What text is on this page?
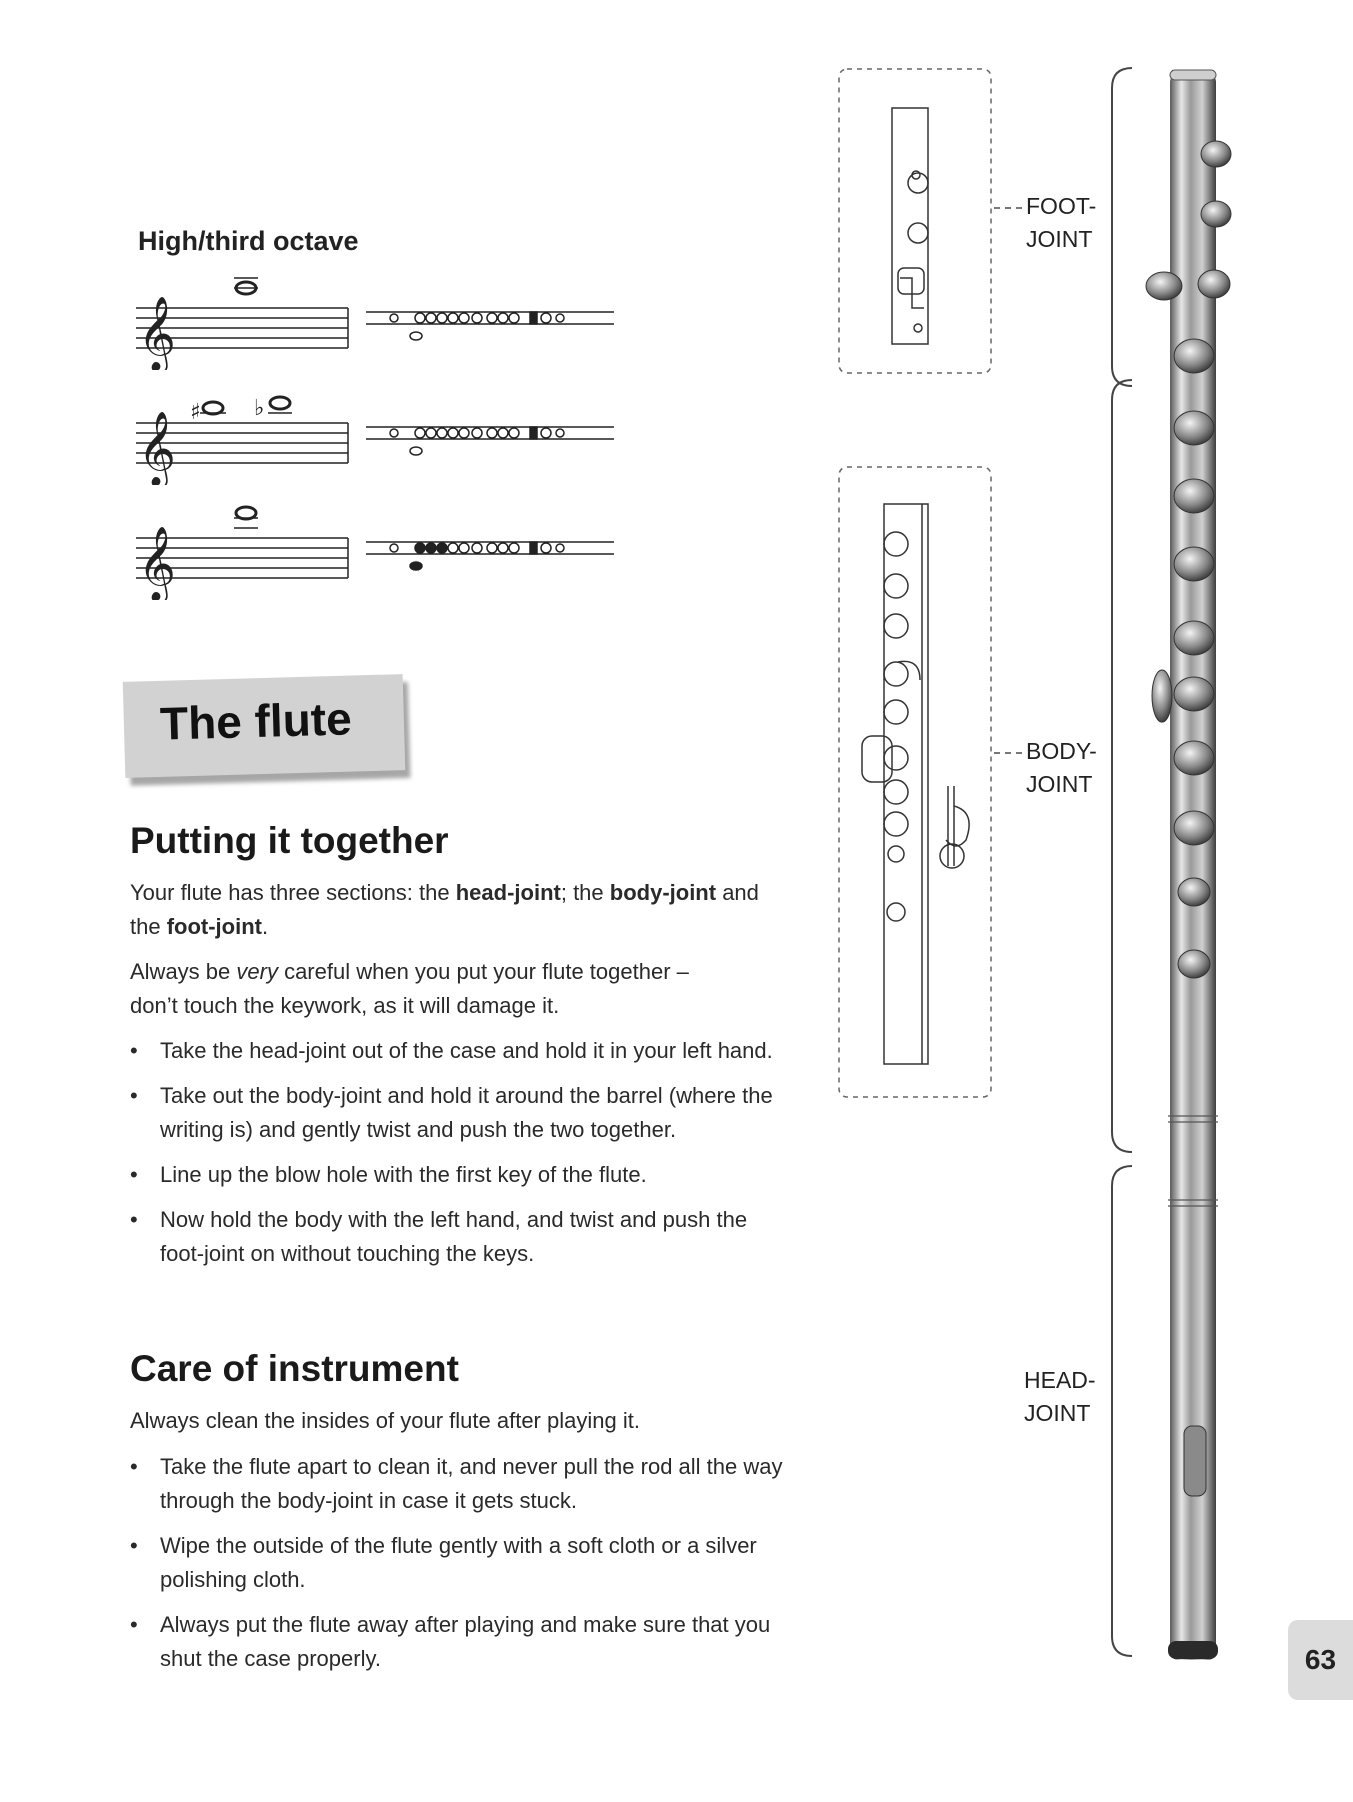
High/third octave
𝄞
𝄞 ♯ ♭
𝄞
The flute
Putting it together

Your flute has three sections: the head-joint; the body-joint and the foot-joint.

Always be very careful when you put your flute together – don’t touch the keywork, as it will damage it.

• Take the head-joint out of the case and hold it in your left hand.
• Take out the body-joint and hold it around the barrel (where the writing is) and gently twist and push the two together.
• Line up the blow hole with the first key of the flute.
• Now hold the body with the left hand, and twist and push the foot-joint on without touching the keys.
Care of instrument

Always clean the insides of your flute after playing it.

• Take the flute apart to clean it, and never pull the rod all the way through the body-joint in case it gets stuck.
• Wipe the outside of the flute gently with a soft cloth or a silver polishing cloth.
• Always put the flute away after playing and make sure that you shut the case properly.
FOOT-
JOINT
BODY-
JOINT
HEAD-
JOINT
63
